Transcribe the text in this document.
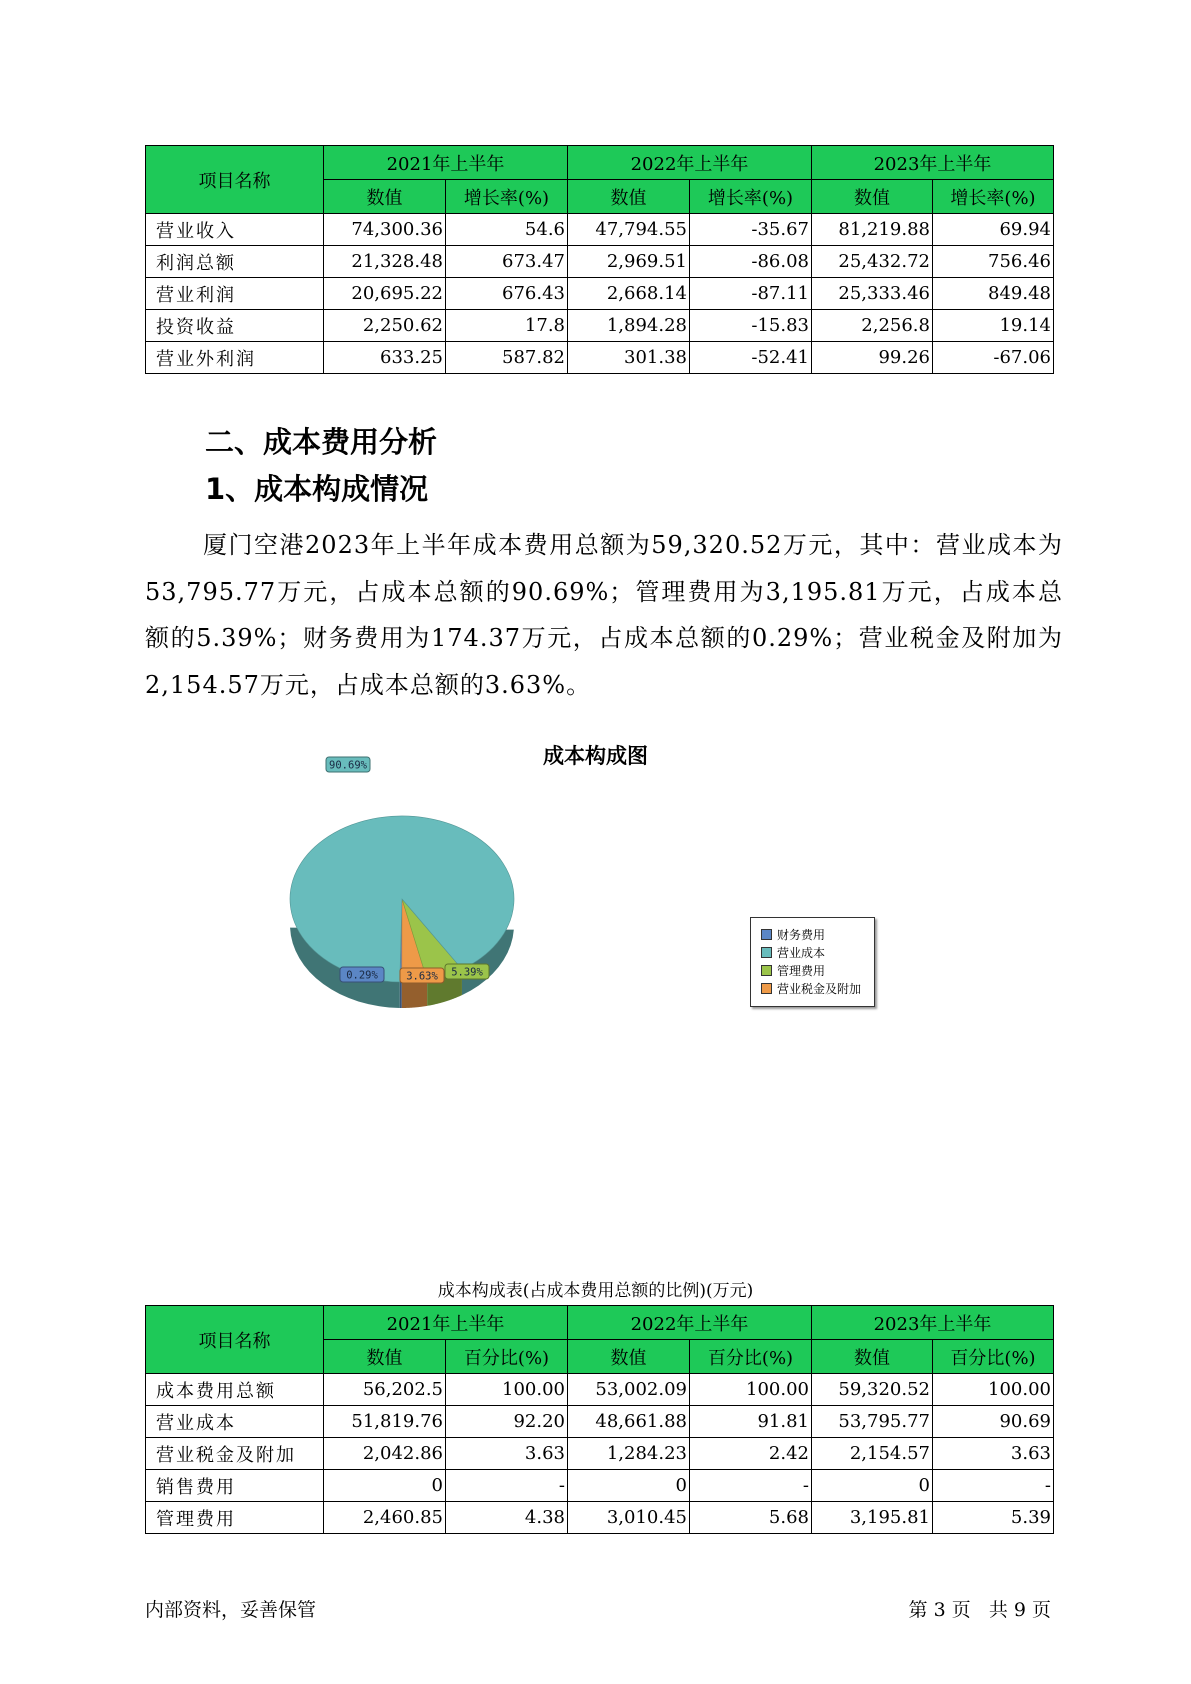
项目名称	2021年上半年		2022年上半年		2023年上半年	
	数值	增长率(%)	数值	增长率(%)	数值	增长率(%)
营业收入	74,300.36	54.6	47,794.55	-35.67	81,219.88	69.94
利润总额	21,328.48	673.47	2,969.51	-86.08	25,432.72	756.46
营业利润	20,695.22	676.43	2,668.14	-87.11	25,333.46	849.48
投资收益	2,250.62	17.8	1,894.28	-15.83	2,256.8	19.14
营业外利润	633.25	587.82	301.38	-52.41	99.26	-67.06
二、成本费用分析
1、成本构成情况

厦门空港2023年上半年成本费用总额为59,320.52万元，其中：营业成本为53,795.77万元，占成本总额的90.69%；管理费用为3,195.81万元，占成本总额的5.39%；财务费用为174.37万元，占成本总额的0.29%；营业税金及附加为2,154.57万元，占成本总额的3.63%。

成本构成图
90.69%
0.29%	3.63% 5.39%
财务费用
营业成本
管理费用
营业税金及附加
成本构成表(占成本费用总额的比例)(万元)
项目名称	2021年上半年		2022年上半年		2023年上半年	
	数值	百分比(%)	数值	百分比(%)	数值	百分比(%)
成本费用总额	56,202.5	100.00	53,002.09	100.00	59,320.52	100.00
营业成本	51,819.76	92.20	48,661.88	91.81	53,795.77	90.69
营业税金及附加	2,042.86	3.63	1,284.23	2.42	2,154.57	3.63
销售费用	0	-	0	-	0	-
管理费用	2,460.85	4.38	3,010.45	5.68	3,195.81	5.39
内部资料，妥善保管	第 3 页   共 9 页
